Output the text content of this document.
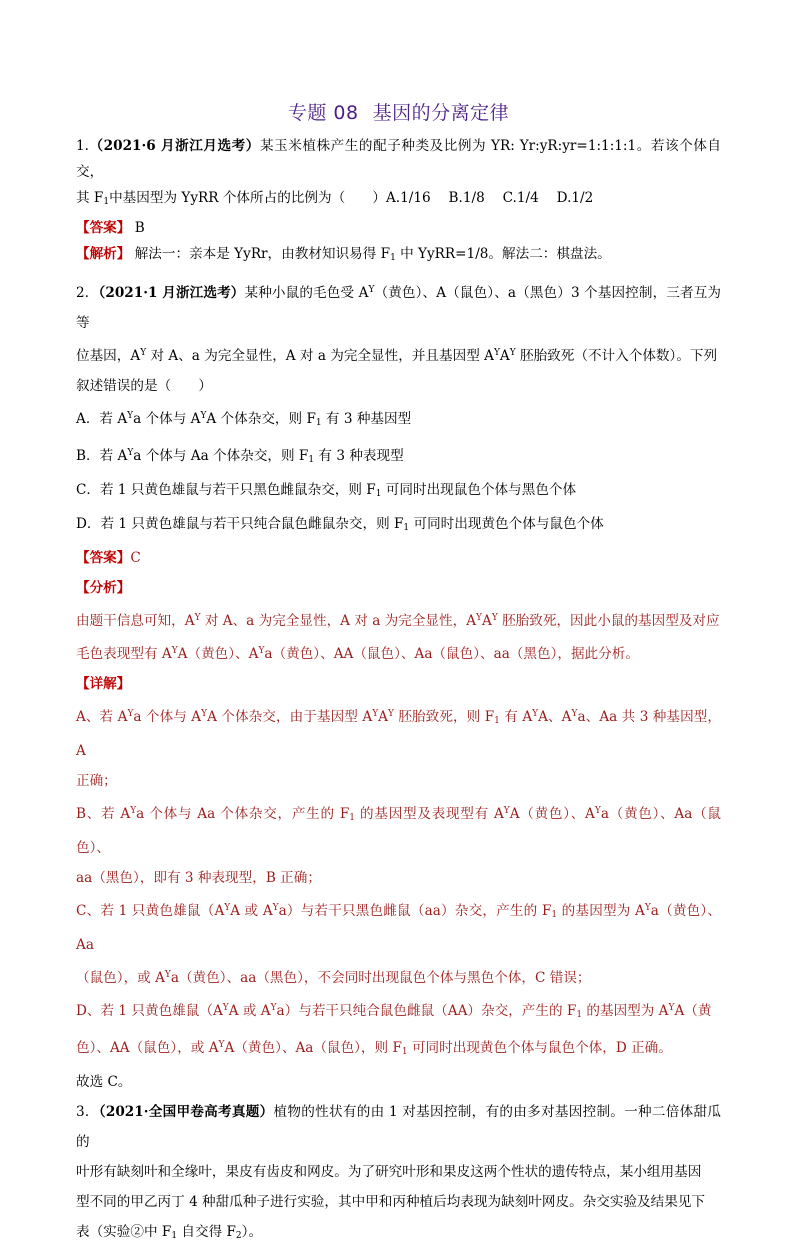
专题 08 基因的分离定律

1.（2021·6 月浙江月选考）某玉米植株产生的配子种类及比例为 YR: Yr:yR:yr=1:1:1:1。若该个体自交，

其 $F_1$中基因型为 YyRR 个体所占的比例为（　　）A.1/16　 B.1/8　 C.1/4　 D.1/2

【答案】 B

【解析】 解法一：亲本是 YyRr，由教材知识易得 $F_1$ 中 YyRR=1/8。解法二：棋盘法。

2．（2021·1 月浙江选考）某种小鼠的毛色受 $A^Y$（黄色）、A（鼠色）、a（黑色）3 个基因控制，三者互为等
位基因，$A^Y$ 对 A、a 为完全显性，A 对 a 为完全显性，并且基因型 $A^YA^Y$ 胚胎致死（不计入个体数）。下列
叙述错误的是（　　）

A．若 $A^Ya$ 个体与 $A^YA$ 个体杂交，则 $F_1$ 有 3 种基因型

B．若 $A^Ya$ 个体与 Aa 个体杂交，则 $F_1$ 有 3 种表现型

C．若 1 只黄色雄鼠与若干只黑色雌鼠杂交，则 $F_1$ 可同时出现鼠色个体与黑色个体

D．若 1 只黄色雄鼠与若干只纯合鼠色雌鼠杂交，则 $F_1$ 可同时出现黄色个体与鼠色个体

【答案】C

【分析】

由题干信息可知，$A^Y$ 对 A、a 为完全显性，A 对 a 为完全显性，$A^YA^Y$ 胚胎致死，因此小鼠的基因型及对应
毛色表现型有 $A^YA$（黄色）、$A^Ya$（黄色）、AA（鼠色）、Aa（鼠色）、aa（黑色），据此分析。

【详解】

A、若 $A^Ya$ 个体与 $A^YA$ 个体杂交，由于基因型 $A^YA^Y$ 胚胎致死，则 $F_1$ 有 $A^YA$、$A^Ya$、Aa 共 3 种基因型，A
正确；

B、若 $A^Ya$ 个体与 Aa 个体杂交，产生的 $F_1$ 的基因型及表现型有 $A^YA$（黄色）、$A^Ya$（黄色）、Aa（鼠色）、
aa（黑色），即有 3 种表现型，B 正确；

C、若 1 只黄色雄鼠（$A^YA$ 或 $A^Ya$）与若干只黑色雌鼠（aa）杂交，产生的 $F_1$ 的基因型为 $A^Ya$（黄色）、Aa
（鼠色），或 $A^Ya$（黄色）、aa（黑色），不会同时出现鼠色个体与黑色个体，C 错误；

D、若 1 只黄色雄鼠（$A^YA$ 或 $A^Ya$）与若干只纯合鼠色雌鼠（AA）杂交，产生的 $F_1$ 的基因型为 $A^YA$（黄
色）、AA（鼠色），或 $A^YA$（黄色）、Aa（鼠色），则 $F_1$ 可同时出现黄色个体与鼠色个体，D 正确。

故选 C。

3．（2021·全国甲卷高考真题）植物的性状有的由 1 对基因控制，有的由多对基因控制。一种二倍体甜瓜的
叶形有缺刻叶和全缘叶，果皮有齿皮和网皮。为了研究叶形和果皮这两个性状的遗传特点，某小组用基因
型不同的甲乙丙丁 4 种甜瓜种子进行实验，其中甲和丙种植后均表现为缺刻叶网皮。杂交实验及结果见下
表（实验②中 $F_1$ 自交得 $F_2$）。
